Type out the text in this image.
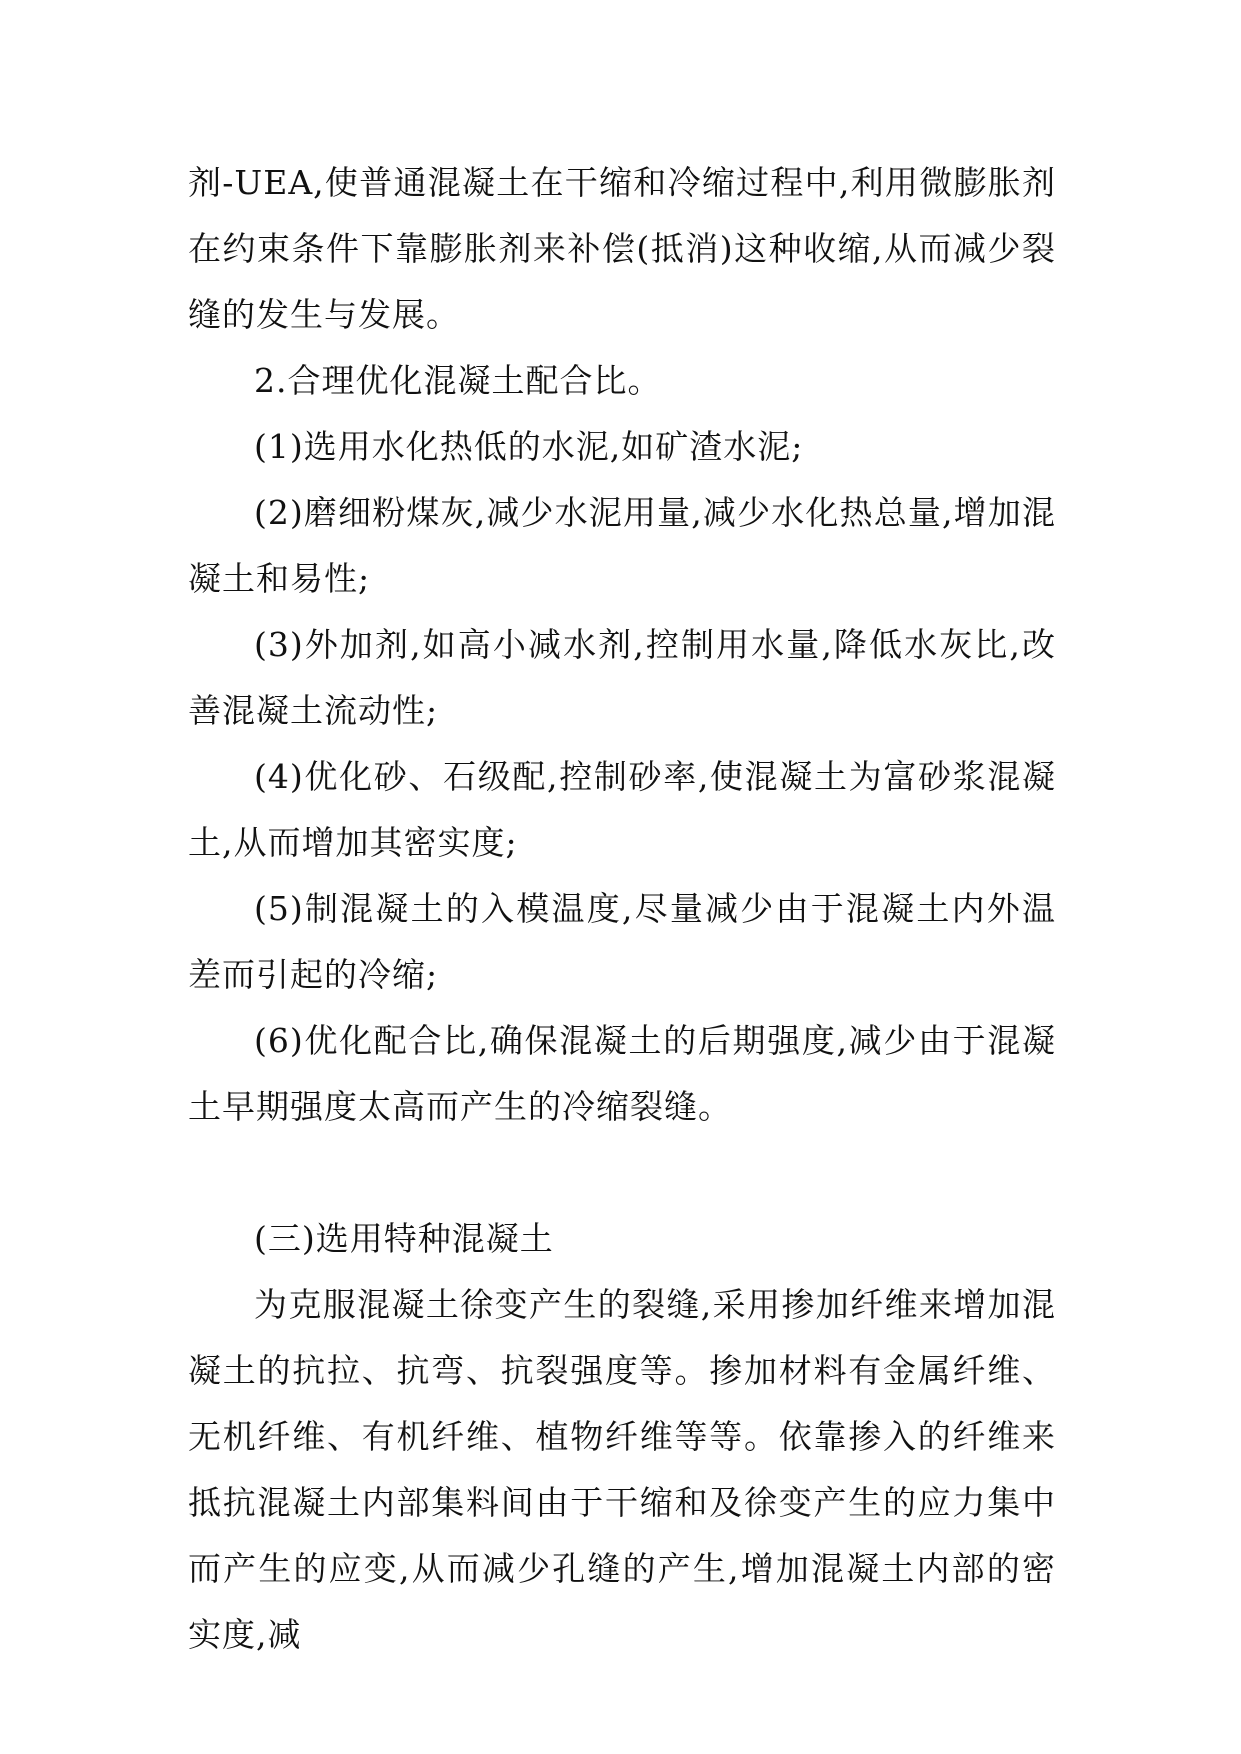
剂-UEA,使普通混凝土在干缩和冷缩过程中,利用微膨胀剂在约束条件下靠膨胀剂来补偿(抵消)这种收缩,从而减少裂缝的发生与发展。

2.合理优化混凝土配合比。

(1)选用水化热低的水泥,如矿渣水泥;

(2)磨细粉煤灰,减少水泥用量,减少水化热总量,增加混凝土和易性;

(3)外加剂,如高小减水剂,控制用水量,降低水灰比,改善混凝土流动性;

(4)优化砂、石级配,控制砂率,使混凝土为富砂浆混凝土,从而增加其密实度;

(5)制混凝土的入模温度,尽量减少由于混凝土内外温差而引起的冷缩;

(6)优化配合比,确保混凝土的后期强度,减少由于混凝土早期强度太高而产生的冷缩裂缝。

(三)选用特种混凝土

为克服混凝土徐变产生的裂缝,采用掺加纤维来增加混凝土的抗拉、抗弯、抗裂强度等。掺加材料有金属纤维、无机纤维、有机纤维、植物纤维等等。依靠掺入的纤维来抵抗混凝土内部集料间由于干缩和及徐变产生的应力集中而产生的应变,从而减少孔缝的产生,增加混凝土内部的密实度,减
